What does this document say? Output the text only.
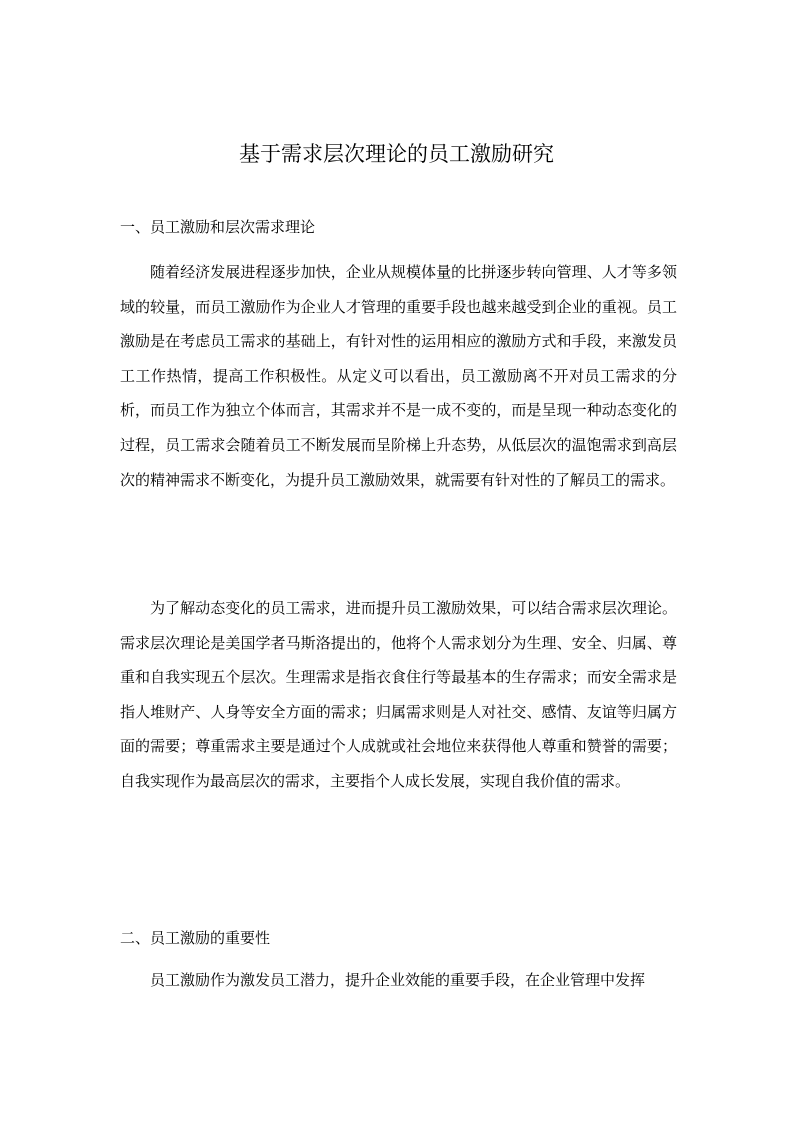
基于需求层次理论的员工激励研究
一、员工激励和层次需求理论

随着经济发展进程逐步加快，企业从规模体量的比拼逐步转向管理、人才等多领域的较量，而员工激励作为企业人才管理的重要手段也越来越受到企业的重视。员工激励是在考虑员工需求的基础上，有针对性的运用相应的激励方式和手段，来激发员工工作热情，提高工作积极性。从定义可以看出，员工激励离不开对员工需求的分析，而员工作为独立个体而言，其需求并不是一成不变的，而是呈现一种动态变化的过程，员工需求会随着员工不断发展而呈阶梯上升态势，从低层次的温饱需求到高层次的精神需求不断变化，为提升员工激励效果，就需要有针对性的了解员工的需求。

为了解动态变化的员工需求，进而提升员工激励效果，可以结合需求层次理论。需求层次理论是美国学者马斯洛提出的，他将个人需求划分为生理、安全、归属、尊重和自我实现五个层次。生理需求是指衣食住行等最基本的生存需求；而安全需求是指人堆财产、人身等安全方面的需求；归属需求则是人对社交、感情、友谊等归属方面的需要；尊重需求主要是通过个人成就或社会地位来获得他人尊重和赞誉的需要；自我实现作为最高层次的需求，主要指个人成长发展，实现自我价值的需求。

二、员工激励的重要性

员工激励作为激发员工潜力，提升企业效能的重要手段，在企业管理中发挥
